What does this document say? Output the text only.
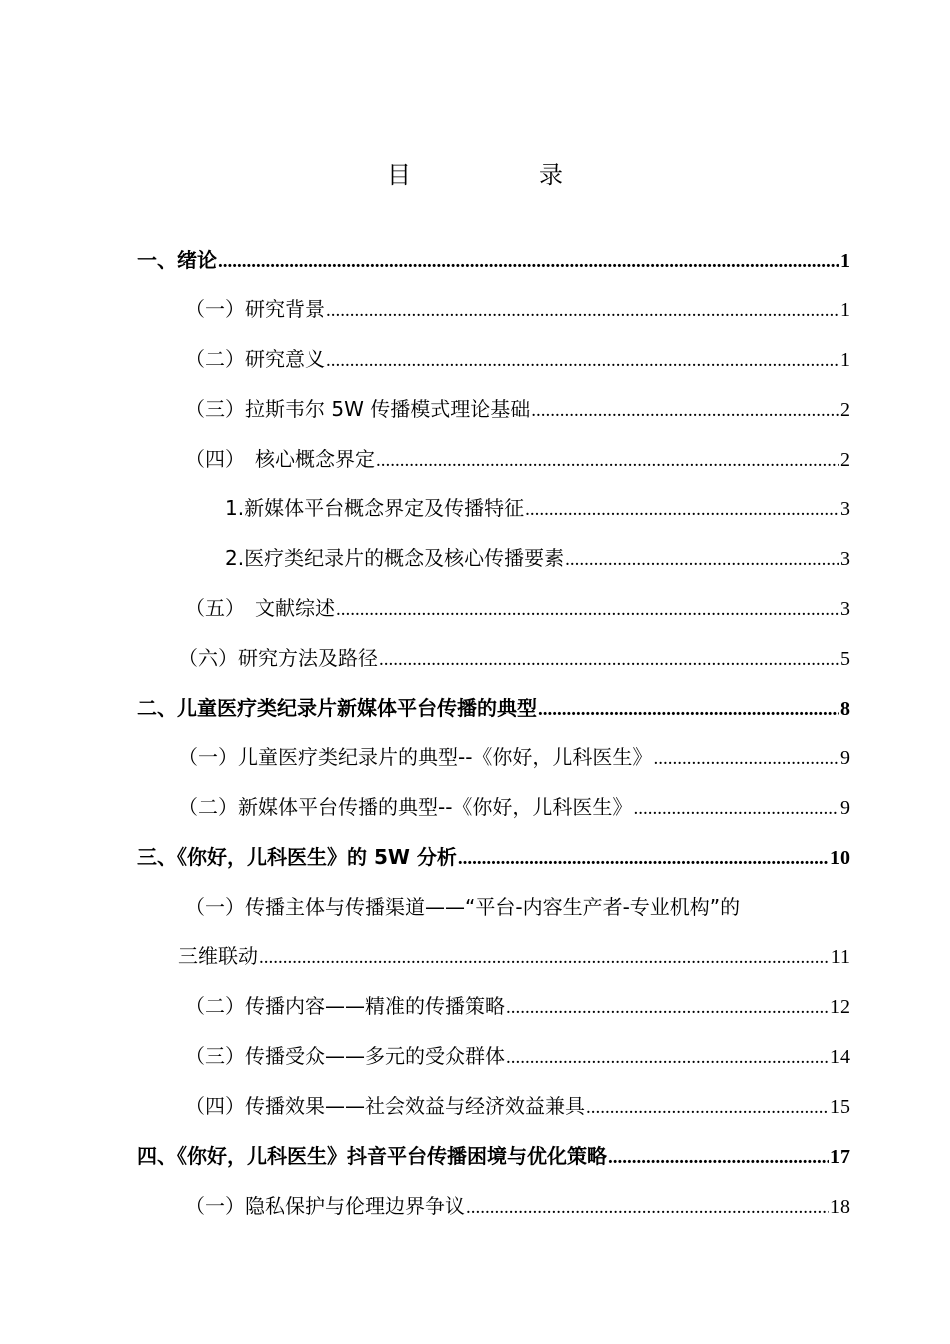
目　录
一、绪论 .....	1
（一）研究背景 .....	1
（二）研究意义 .....	1
（三）拉斯韦尔 5W 传播模式理论基础 .....	2
（四）　核心概念界定 .....	2
1.新媒体平台概念界定及传播特征 .....	3
2.医疗类纪录片的概念及核心传播要素 .....	3
（五）　文献综述 .....	3
（六）研究方法及路径 .....	5
二、儿童医疗类纪录片新媒体平台传播的典型 .....	8
（一）儿童医疗类纪录片的典型--《你好，儿科医生》 .....	9
（二）新媒体平台传播的典型--《你好，儿科医生》 .....	9
三、《你好，儿科医生》的 5W 分析 .....	10
（一）传播主体与传播渠道——“平台-内容生产者-专业机构”的
三维联动 .....	11
（二）传播内容——精准的传播策略 .....	12
（三）传播受众——多元的受众群体 .....	14
（四）传播效果——社会效益与经济效益兼具 .....	15
四、《你好，儿科医生》抖音平台传播困境与优化策略 .....	17
（一）隐私保护与伦理边界争议 .....	18
